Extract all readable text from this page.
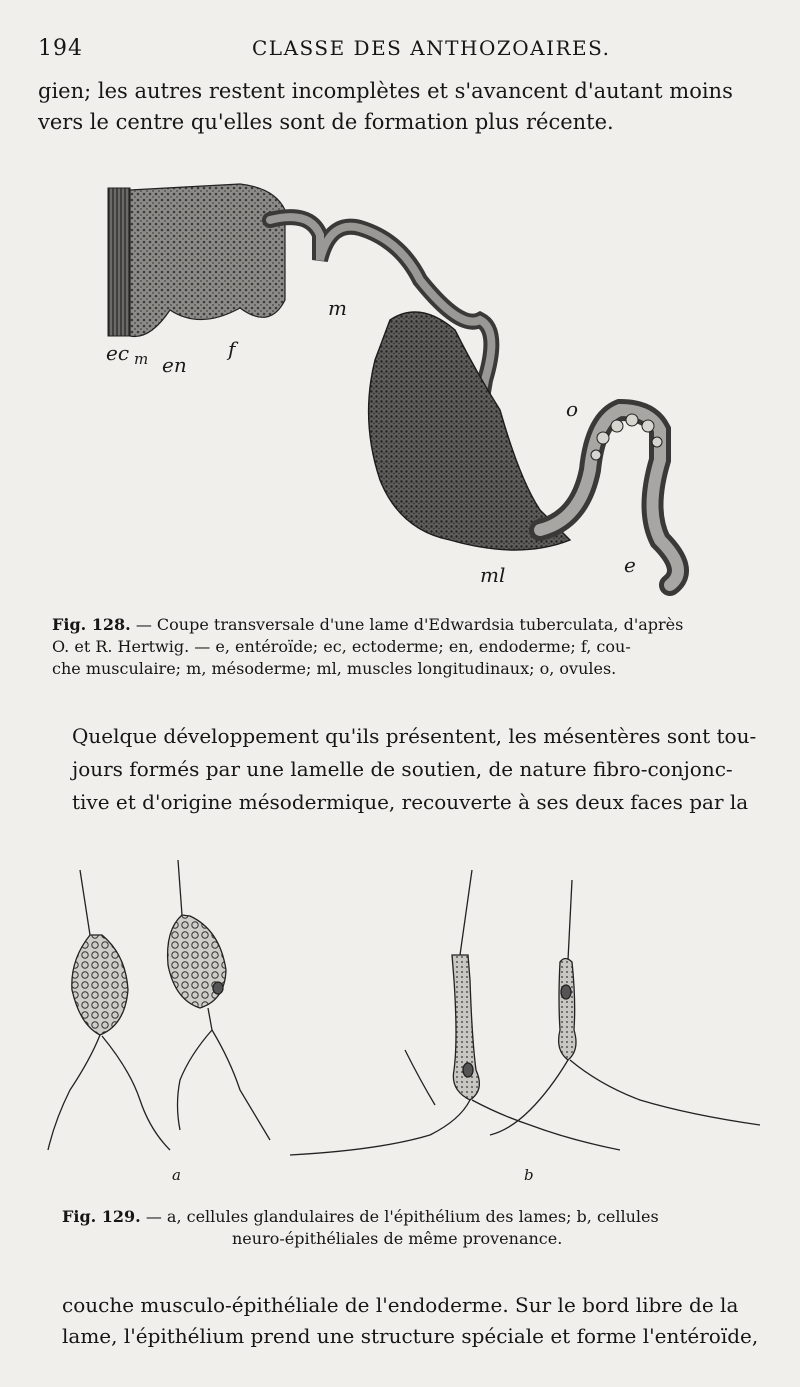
194	CLASSE DES ANTHOZOAIRES.
gien; les autres restent incomplètes et s'avancent d'autant moins
vers le centre qu'elles sont de formation plus récente.
ec m en
f
m
o
ml	e
Fig. 128. — Coupe transversale d'une lame d'Edwardsia tuberculata, d'après
O. et R. Hertwig. — e, entéroïde; ec, ectoderme; en, endoderme; f, cou-
che musculaire; m, mésoderme; ml, muscles longitudinaux; o, ovules.
Quelque développement qu'ils présentent, les mésentères sont tou-
jours formés par une lamelle de soutien, de nature fibro-conjonc-
tive et d'origine mésodermique, recouverte à ses deux faces par la
a	b
Fig. 129. — a, cellules glandulaires de l'épithélium des lames; b, cellules
neuro-épithéliales de même provenance.
couche musculo-épithéliale de l'endoderme. Sur le bord libre de la
lame, l'épithélium prend une structure spéciale et forme l'entéroïde,
